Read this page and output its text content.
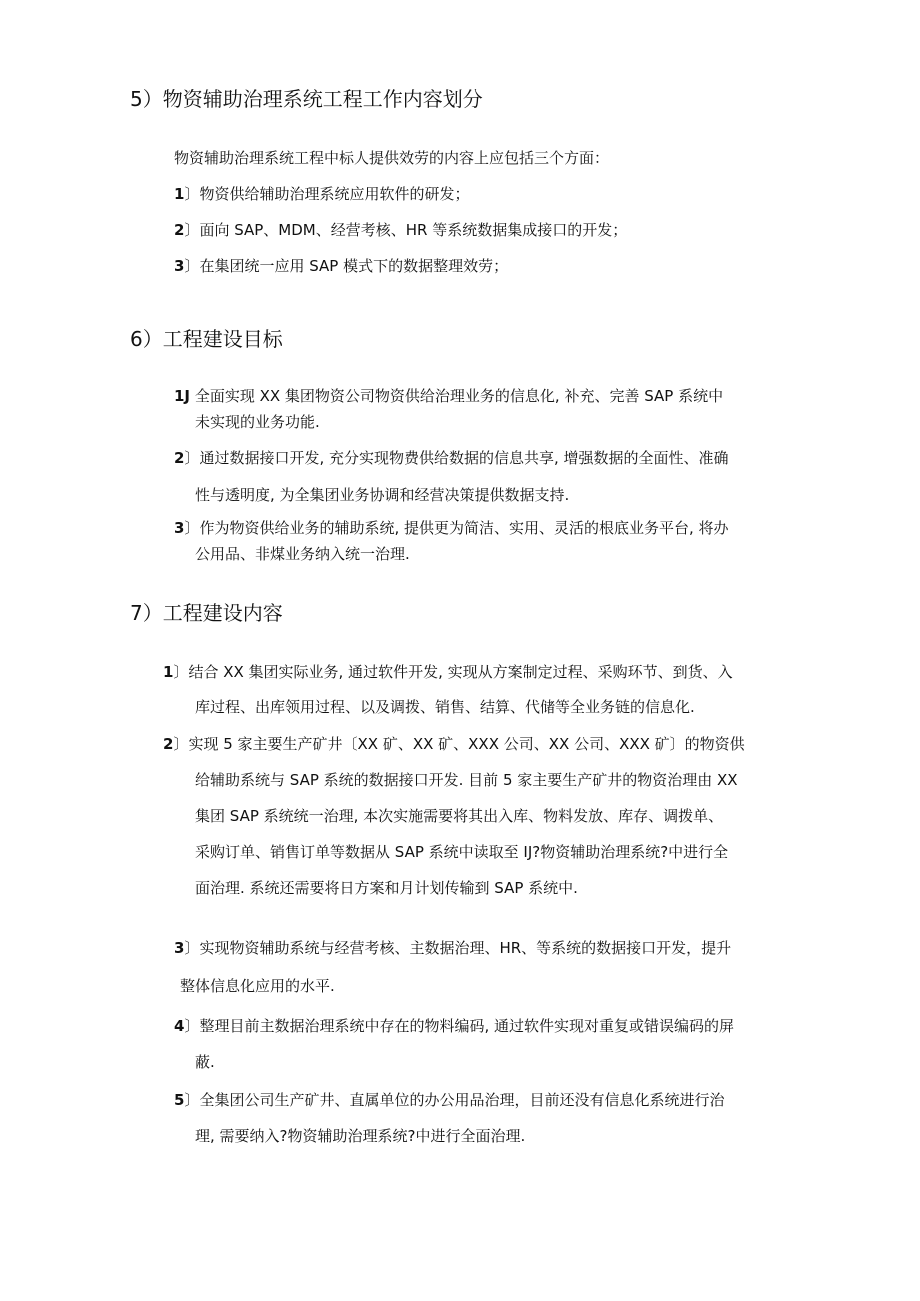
5）物资辅助治理系统工程工作内容划分
物资辅助治理系统工程中标人提供效劳的内容上应包括三个方面：
1〕物资供给辅助治理系统应用软件的研发；
2〕面向 SAP、MDM、经营考核、HR 等系统数据集成接口的开发；
3〕在集团统一应用 SAP 模式下的数据整理效劳；
6）工程建设目标
1J 全面实现 XX 集团物资公司物资供给治理业务的信息化, 补充、完善 SAP 系统中
未实现的业务功能.
2〕通过数据接口开发, 充分实现物费供给数据的信息共享, 增强数据的全面性、准确
性与透明度, 为全集团业务协调和经营决策提供数据支持.
3〕作为物资供给业务的辅助系统, 提供更为简洁、实用、灵活的根底业务平台, 将办
公用品、非煤业务纳入统一治理.
7）工程建设内容
1〕结合 XX 集团实际业务, 通过软件开发, 实现从方案制定过程、采购环节、到货、入
库过程、出库领用过程、以及调拨、销售、结算、代储等全业务链的信息化.
2〕实现 5 家主要生产矿井〔XX 矿、XX 矿、XXX 公司、XX 公司、XXX 矿〕的物资供
给辅助系统与 SAP 系统的数据接口开发. 目前 5 家主要生产矿井的物资治理由 XX
集团 SAP 系统统一治理, 本次实施需要将其出入库、物料发放、库存、调拨单、
采购订单、销售订单等数据从 SAP 系统中读取至 IJ?物资辅助治理系统?中进行全
面治理. 系统还需要将日方案和月计划传输到 SAP 系统中.
3〕实现物资辅助系统与经营考核、主数据治理、HR、等系统的数据接口开发，提升
整体信息化应用的水平.
4〕整理目前主数据治理系统中存在的物料编码, 通过软件实现对重复或错误编码的屏
蔽.
5〕全集团公司生产矿井、直属单位的办公用品治理，目前还没有信息化系统进行治
理, 需要纳入?物资辅助治理系统?中进行全面治理.
